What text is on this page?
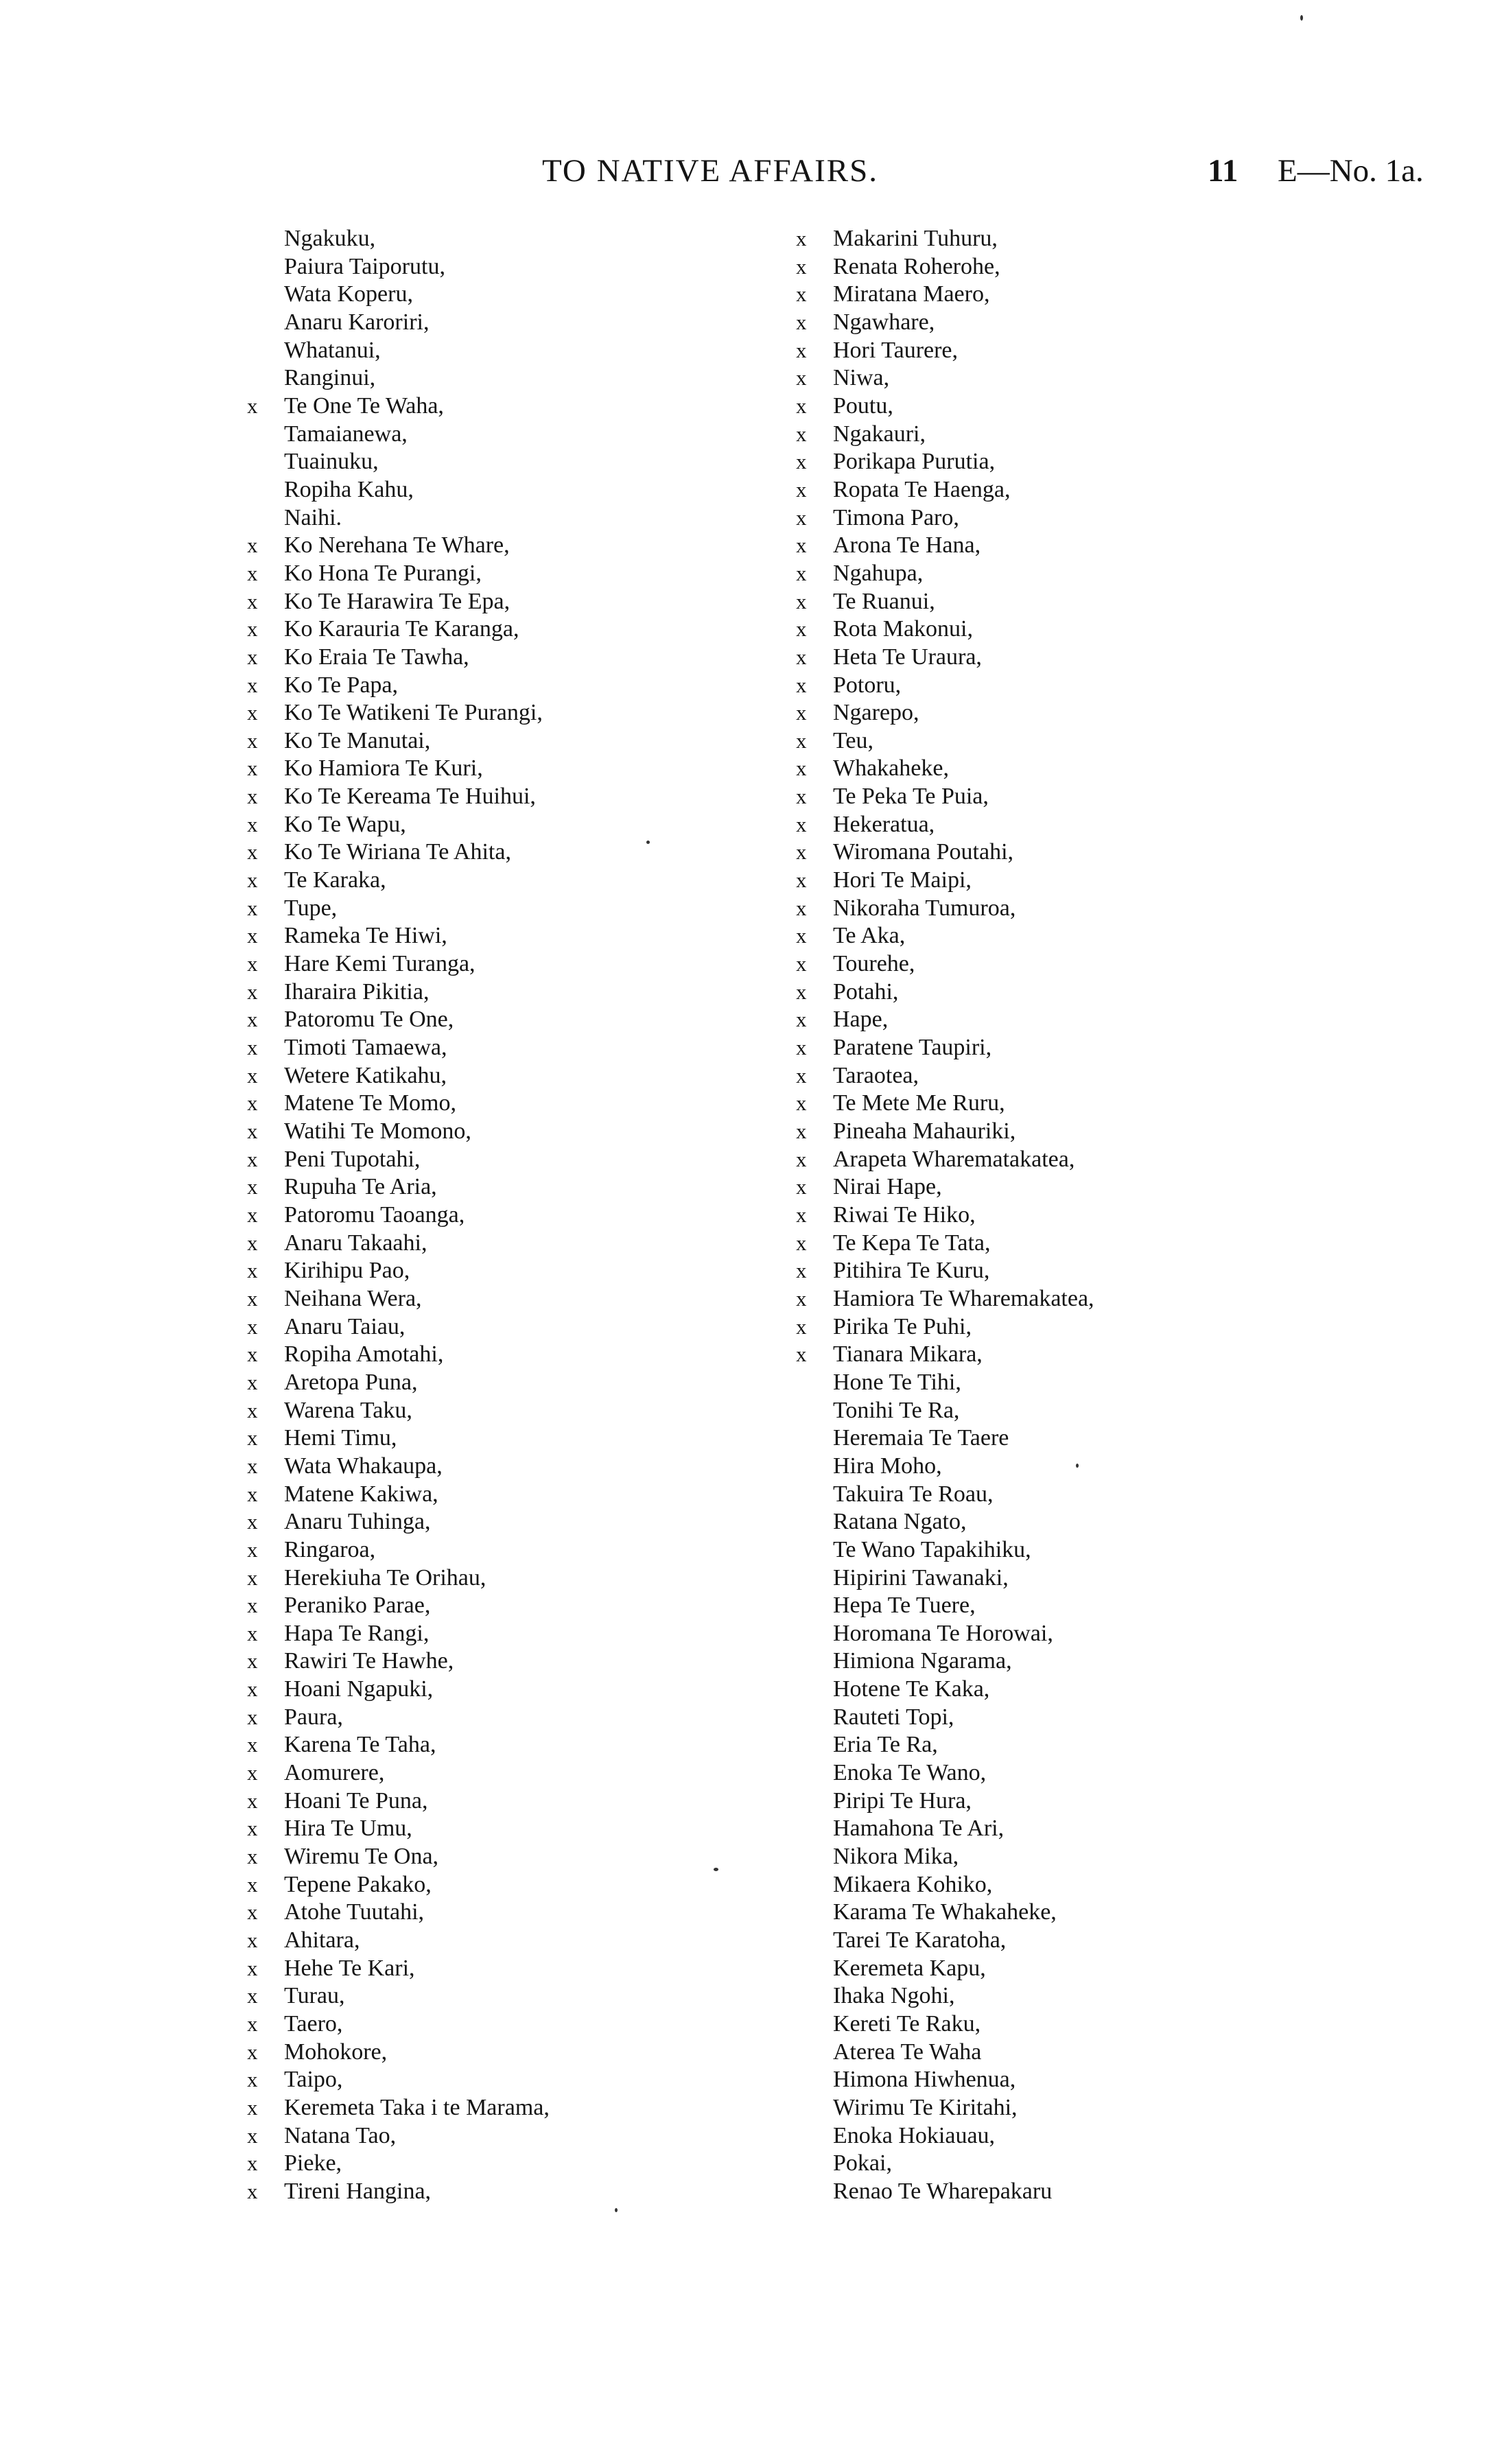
TO NATIVE AFFAIRS.	11 E—No. 1a.
Ngakuku,
Paiura Taiporutu,
Wata Koperu,
Anaru Karoriri,
Whatanui,
Ranginui,
x	Te One Te Waha,
Tamaianewa,
Tuainuku,
Ropiha Kahu,
Naihi.
x	Ko Nerehana Te Whare,
x	Ko Hona Te Purangi,
x	Ko Te Harawira Te Epa,
x	Ko Karauria Te Karanga,
x	Ko Eraia Te Tawha,
x	Ko Te Papa,
x	Ko Te Watikeni Te Purangi,
x	Ko Te Manutai,
x	Ko Hamiora Te Kuri,
x	Ko Te Kereama Te Huihui,
x	Ko Te Wapu,
x	Ko Te Wiriana Te Ahita,
x	Te Karaka,
x	Tupe,
x	Rameka Te Hiwi,
x	Hare Kemi Turanga,
x	Iharaira Pikitia,
x	Patoromu Te One,
x	Timoti Tamaewa,
x	Wetere Katikahu,
x	Matene Te Momo,
x	Watihi Te Momono,
x	Peni Tupotahi,
x	Rupuha Te Aria,
x	Patoromu Taoanga,
x	Anaru Takaahi,
x	Kirihipu Pao,
x	Neihana Wera,
x	Anaru Taiau,
x	Ropiha Amotahi,
x	Aretopa Puna,
x	Warena Taku,
x	Hemi Timu,
x	Wata Whakaupa,
x	Matene Kakiwa,
x	Anaru Tuhinga,
x	Ringaroa,
x	Herekiuha Te Orihau,
x	Peraniko Parae,
x	Hapa Te Rangi,
x	Rawiri Te Hawhe,
x	Hoani Ngapuki,
x	Paura,
x	Karena Te Taha,
x	Aomurere,
x	Hoani Te Puna,
x	Hira Te Umu,
x	Wiremu Te Ona,
x	Tepene Pakako,
x	Atohe Tuutahi,
x	Ahitara,
x	Hehe Te Kari,
x	Turau,
x	Taero,
x	Mohokore,
x	Taipo,
x	Keremeta Taka i te Marama,
x	Natana Tao,
x	Pieke,
x	Tireni Hangina,
x	Makarini Tuhuru,
x	Renata Roherohe,
x	Miratana Maero,
x	Ngawhare,
x	Hori Taurere,
x	Niwa,
x	Poutu,
x	Ngakauri,
x	Porikapa Purutia,
x	Ropata Te Haenga,
x	Timona Paro,
x	Arona Te Hana,
x	Ngahupa,
x	Te Ruanui,
x	Rota Makonui,
x	Heta Te Uraura,
x	Potoru,
x	Ngarepo,
x	Teu,
x	Whakaheke,
x	Te Peka Te Puia,
x	Hekeratua,
x	Wiromana Poutahi,
x	Hori Te Maipi,
x	Nikoraha Tumuroa,
x	Te Aka,
x	Tourehe,
x	Potahi,
x	Hape,
x	Paratene Taupiri,
x	Taraotea,
x	Te Mete Me Ruru,
x	Pineaha Mahauriki,
x	Arapeta Wharematakatea,
x	Nirai Hape,
x	Riwai Te Hiko,
x	Te Kepa Te Tata,
x	Pitihira Te Kuru,
x	Hamiora Te Wharemakatea,
x	Pirika Te Puhi,
x	Tianara Mikara,
Hone Te Tihi,
Tonihi Te Ra,
Heremaia Te Taere
Hira Moho,
Takuira Te Roau,
Ratana Ngato,
Te Wano Tapakihiku,
Hipirini Tawanaki,
Hepa Te Tuere,
Horomana Te Horowai,
Himiona Ngarama,
Hotene Te Kaka,
Rauteti Topi,
Eria Te Ra,
Enoka Te Wano,
Piripi Te Hura,
Hamahona Te Ari,
Nikora Mika,
Mikaera Kohiko,
Karama Te Whakaheke,
Tarei Te Karatoha,
Keremeta Kapu,
Ihaka Ngohi,
Kereti Te Raku,
Aterea Te Waha
Himona Hiwhenua,
Wirimu Te Kiritahi,
Enoka Hokiauau,
Pokai,
Renao Te Wharepakaru
